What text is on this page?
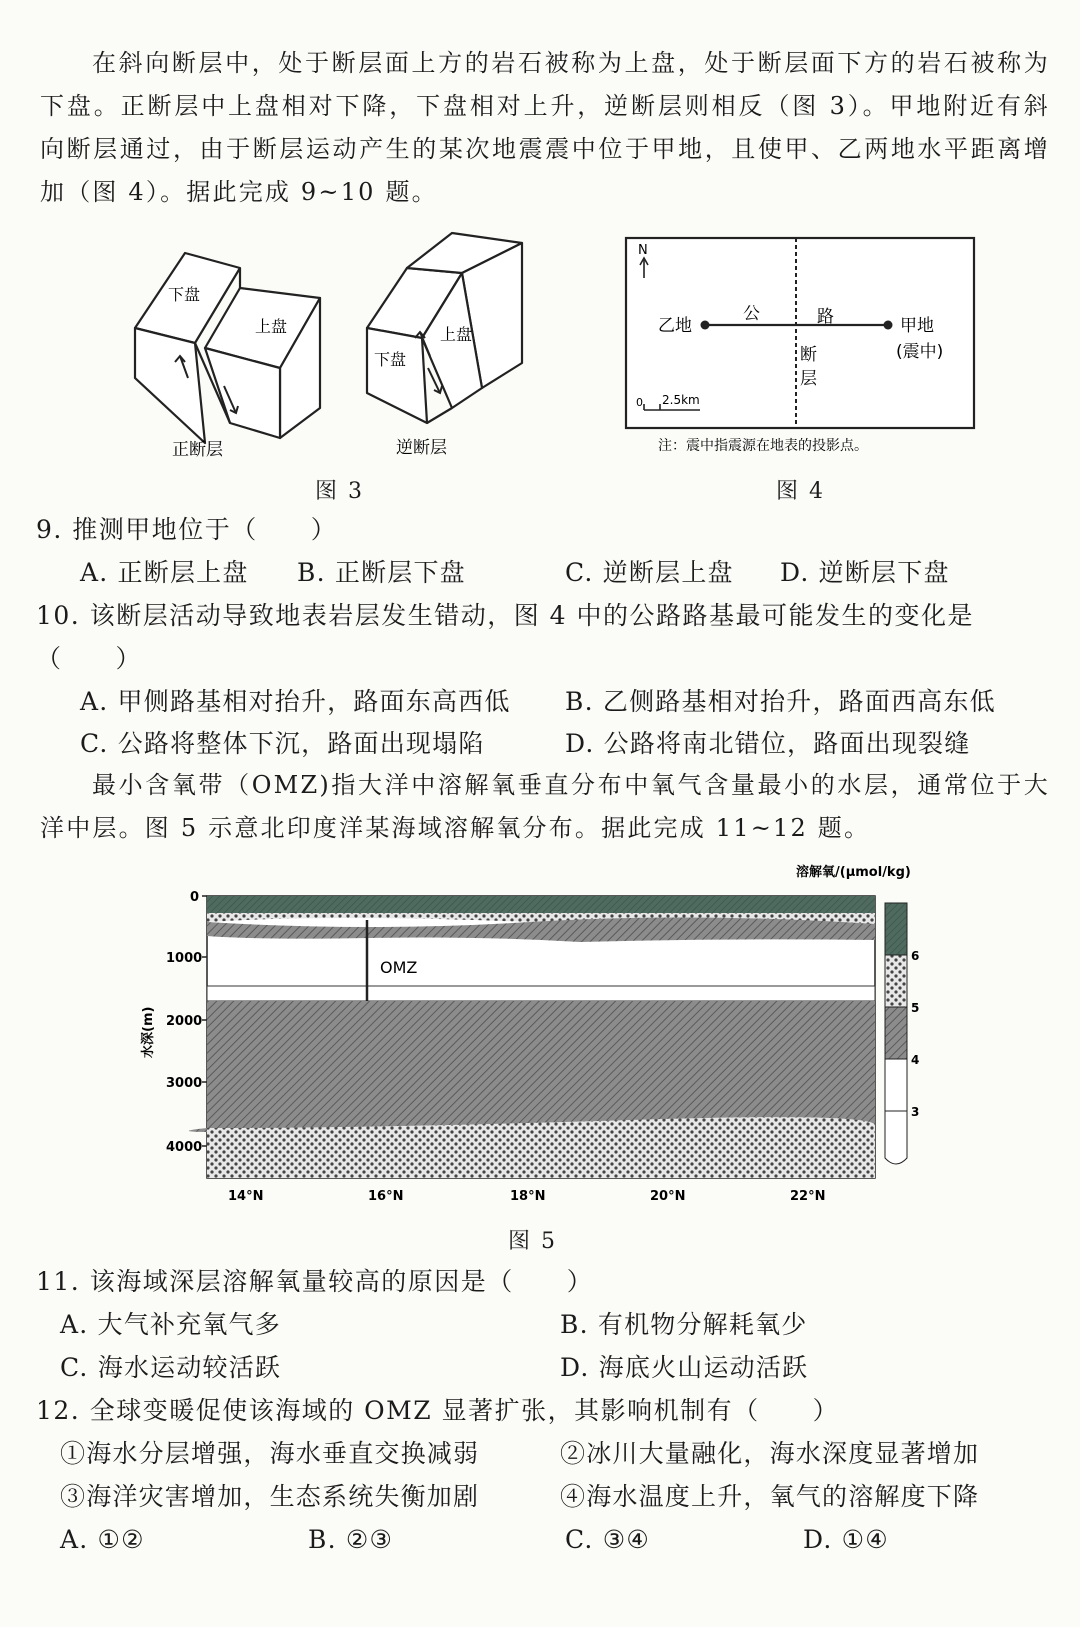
在斜向断层中，处于断层面上方的岩石被称为上盘，处于断层面下方的岩石被称为下盘。正断层中上盘相对下降，下盘相对上升，逆断层则相反（图 3）。甲地附近有斜向断层通过，由于断层运动产生的某次地震震中位于甲地，且使甲、乙两地水平距离增加（图 4）。据此完成 9~10 题。

下盘
上盘
正断层
上盘
下盘
逆断层
图 3
N
乙地	甲地
(震中)
公	路
断
层
0 2.5km
注：震中指震源在地表的投影点。
图 4

9. 推测甲地位于（　　）

A. 正断层上盘 B. 正断层下盘	C. 逆断层上盘 D. 逆断层下盘

10. 该断层活动导致地表岩层发生错动，图 4 中的公路路基最可能发生的变化是

（　　）

A. 甲侧路基相对抬升，路面东高西低 B. 乙侧路基相对抬升，路面西高东低

C. 公路将整体下沉，路面出现塌陷	D. 公路将南北错位，路面出现裂缝

最小含氧带（OMZ)指大洋中溶解氧垂直分布中氧气含量最小的水层，通常位于大洋中层。图 5 示意北印度洋某海域溶解氧分布。据此完成 11~12 题。

OMZ
0
1000
2000
3000
4000
水深(m)
14°N	16°N	18°N	20°N	22°N
溶解氧/(μmol/kg)
6
5
4
3
图 5

11. 该海域深层溶解氧量较高的原因是（　　）

A. 大气补充氧气多	B. 有机物分解耗氧少

C. 海水运动较活跃	D. 海底火山运动活跃

12. 全球变暖促使该海域的 OMZ 显著扩张，其影响机制有（　　）

①海水分层增强，海水垂直交换减弱	②冰川大量融化，海水深度显著增加

③海洋灾害增加，生态系统失衡加剧	④海水温度上升，氧气的溶解度下降

A. ①②	B. ②③	C. ③④	D. ①④
